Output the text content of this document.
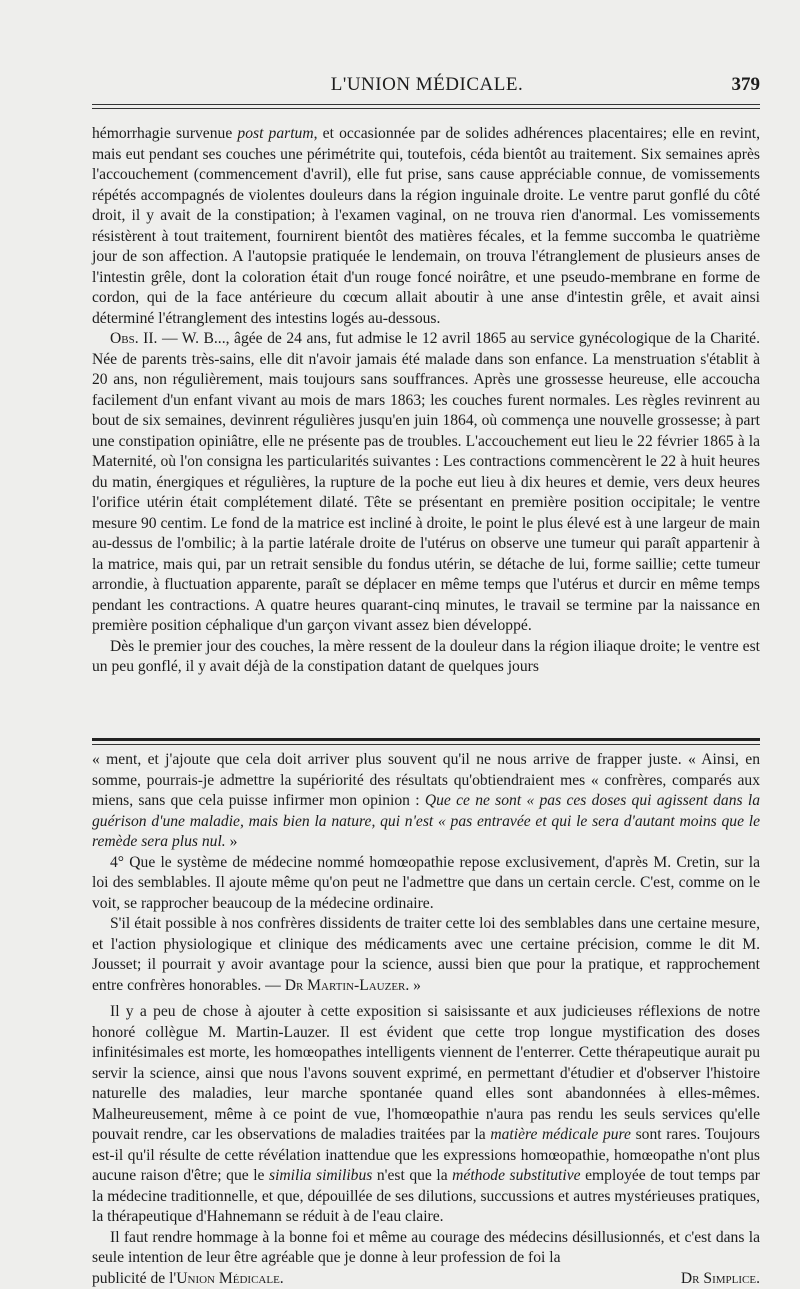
L'UNION MÉDICALE.	379

hémorrhagie survenue post partum, et occasionnée par de solides adhérences placentaires; elle en revint, mais eut pendant ses couches une périmétrite qui, toutefois, céda bientôt au traitement. Six semaines après l'accouchement (commencement d'avril), elle fut prise, sans cause appréciable connue, de vomissements répétés accompagnés de violentes douleurs dans la région inguinale droite. Le ventre parut gonflé du côté droit, il y avait de la constipation; à l'examen vaginal, on ne trouva rien d'anormal. Les vomissements résistèrent à tout traitement, fournirent bientôt des matières fécales, et la femme succomba le quatrième jour de son affection. A l'autopsie pratiquée le lendemain, on trouva l'étranglement de plusieurs anses de l'intestin grêle, dont la coloration était d'un rouge foncé noirâtre, et une pseudo-membrane en forme de cordon, qui de la face antérieure du cœcum allait aboutir à une anse d'intestin grêle, et avait ainsi déterminé l'étranglement des intestins logés au-dessous.

Obs. II. — W. B..., âgée de 24 ans, fut admise le 12 avril 1865 au service gynécologique de la Charité. Née de parents très-sains, elle dit n'avoir jamais été malade dans son enfance. La menstruation s'établit à 20 ans, non régulièrement, mais toujours sans souffrances. Après une grossesse heureuse, elle accoucha facilement d'un enfant vivant au mois de mars 1863; les couches furent normales. Les règles revinrent au bout de six semaines, devinrent régulières jusqu'en juin 1864, où commença une nouvelle grossesse; à part une constipation opiniâtre, elle ne présente pas de troubles. L'accouchement eut lieu le 22 février 1865 à la Maternité, où l'on consigna les particularités suivantes : Les contractions commencèrent le 22 à huit heures du matin, énergiques et régulières, la rupture de la poche eut lieu à dix heures et demie, vers deux heures l'orifice utérin était complétement dilaté. Tête se présentant en première position occipitale; le ventre mesure 90 centim. Le fond de la matrice est incliné à droite, le point le plus élevé est à une largeur de main au-dessus de l'ombilic; à la partie latérale droite de l'utérus on observe une tumeur qui paraît appartenir à la matrice, mais qui, par un retrait sensible du fondus utérin, se détache de lui, forme saillie; cette tumeur arrondie, à fluctuation apparente, paraît se déplacer en même temps que l'utérus et durcir en même temps pendant les contractions. A quatre heures quarant-cinq minutes, le travail se termine par la naissance en première position céphalique d'un garçon vivant assez bien développé.

Dès le premier jour des couches, la mère ressent de la douleur dans la région iliaque droite; le ventre est un peu gonflé, il y avait déjà de la constipation datant de quelques jours

« ment, et j'ajoute que cela doit arriver plus souvent qu'il ne nous arrive de frapper juste. « Ainsi, en somme, pourrais-je admettre la supériorité des résultats qu'obtiendraient mes « confrères, comparés aux miens, sans que cela puisse infirmer mon opinion : Que ce ne sont « pas ces doses qui agissent dans la guérison d'une maladie, mais bien la nature, qui n'est « pas entravée et qui le sera d'autant moins que le remède sera plus nul. »

4° Que le système de médecine nommé homœopathie repose exclusivement, d'après M. Cretin, sur la loi des semblables. Il ajoute même qu'on peut ne l'admettre que dans un certain cercle. C'est, comme on le voit, se rapprocher beaucoup de la médecine ordinaire.

S'il était possible à nos confrères dissidents de traiter cette loi des semblables dans une certaine mesure, et l'action physiologique et clinique des médicaments avec une certaine précision, comme le dit M. Jousset; il pourrait y avoir avantage pour la science, aussi bien que pour la pratique, et rapprochement entre confrères honorables. — Dr Martin-Lauzer. »

Il y a peu de chose à ajouter à cette exposition si saisissante et aux judicieuses réflexions de notre honoré collègue M. Martin-Lauzer. Il est évident que cette trop longue mystification des doses infinitésimales est morte, les homœopathes intelligents viennent de l'enterrer. Cette thérapeutique aurait pu servir la science, ainsi que nous l'avons souvent exprimé, en permettant d'étudier et d'observer l'histoire naturelle des maladies, leur marche spontanée quand elles sont abandonnées à elles-mêmes. Malheureusement, même à ce point de vue, l'homœopathie n'aura pas rendu les seuls services qu'elle pouvait rendre, car les observations de maladies traitées par la matière médicale pure sont rares. Toujours est-il qu'il résulte de cette révélation inattendue que les expressions homœopathie, homœopathe n'ont plus aucune raison d'être; que le similia similibus n'est que la méthode substitutive employée de tout temps par la médecine traditionnelle, et que, dépouillée de ses dilutions, succussions et autres mystérieuses pratiques, la thérapeutique d'Hahnemann se réduit à de l'eau claire.

Il faut rendre hommage à la bonne foi et même au courage des médecins désillusionnés, et c'est dans la seule intention de leur être agréable que je donne à leur profession de foi la

publicité de l'Union Médicale.	Dr Simplice.
